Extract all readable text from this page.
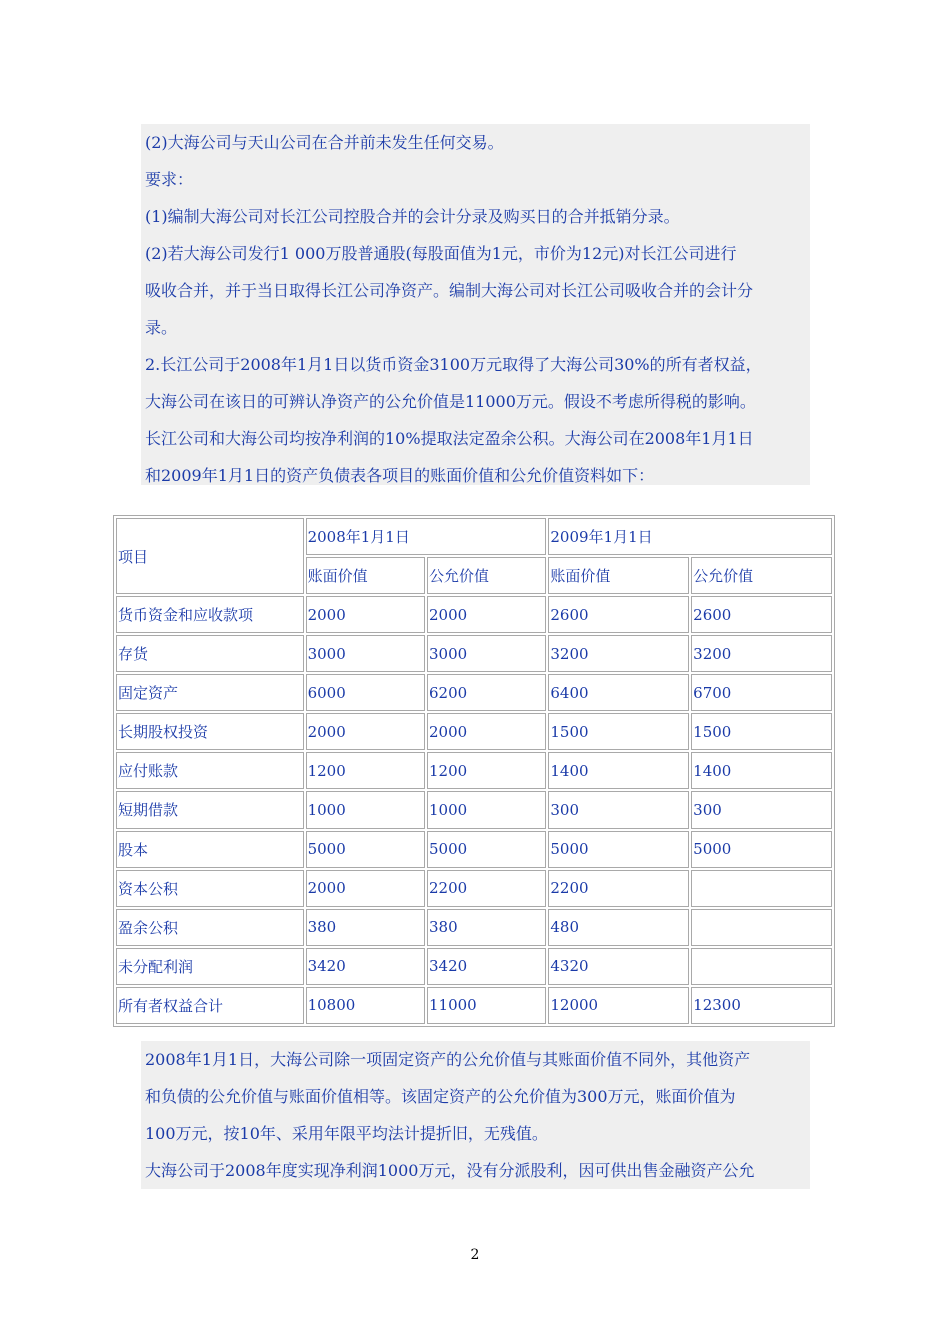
(2)大海公司与天山公司在合并前未发生任何交易。

要求：

(1)编制大海公司对长江公司控股合并的会计分录及购买日的合并抵销分录。

(2)若大海公司发行1 000万股普通股(每股面值为1元，市价为12元)对长江公司进行

吸收合并，并于当日取得长江公司净资产。编制大海公司对长江公司吸收合并的会计分

录。

2.长江公司于2008年1月1日以货币资金3100万元取得了大海公司30%的所有者权益，

大海公司在该日的可辨认净资产的公允价值是11000万元。假设不考虑所得税的影响。

长江公司和大海公司均按净利润的10%提取法定盈余公积。大海公司在2008年1月1日

和2009年1月1日的资产负债表各项目的账面价值和公允价值资料如下：

项目	2008年1月1日		2009年1月1日	
	账面价值	公允价值	账面价值	公允价值
货币资金和应收款项	2000	2000	2600	2600
存货	3000	3000	3200	3200
固定资产	6000	6200	6400	6700
长期股权投资	2000	2000	1500	1500
应付账款	1200	1200	1400	1400
短期借款	1000	1000	300	300
股本	5000	5000	5000	5000
资本公积	2000	2200	2200	
盈余公积	380	380	480	
未分配利润	3420	3420	4320	
所有者权益合计	10800	11000	12000	12300

2008年1月1日，大海公司除一项固定资产的公允价值与其账面价值不同外，其他资产

和负债的公允价值与账面价值相等。该固定资产的公允价值为300万元，账面价值为

100万元，按10年、采用年限平均法计提折旧，无残值。

大海公司于2008年度实现净利润1000万元，没有分派股利，因可供出售金融资产公允

2
